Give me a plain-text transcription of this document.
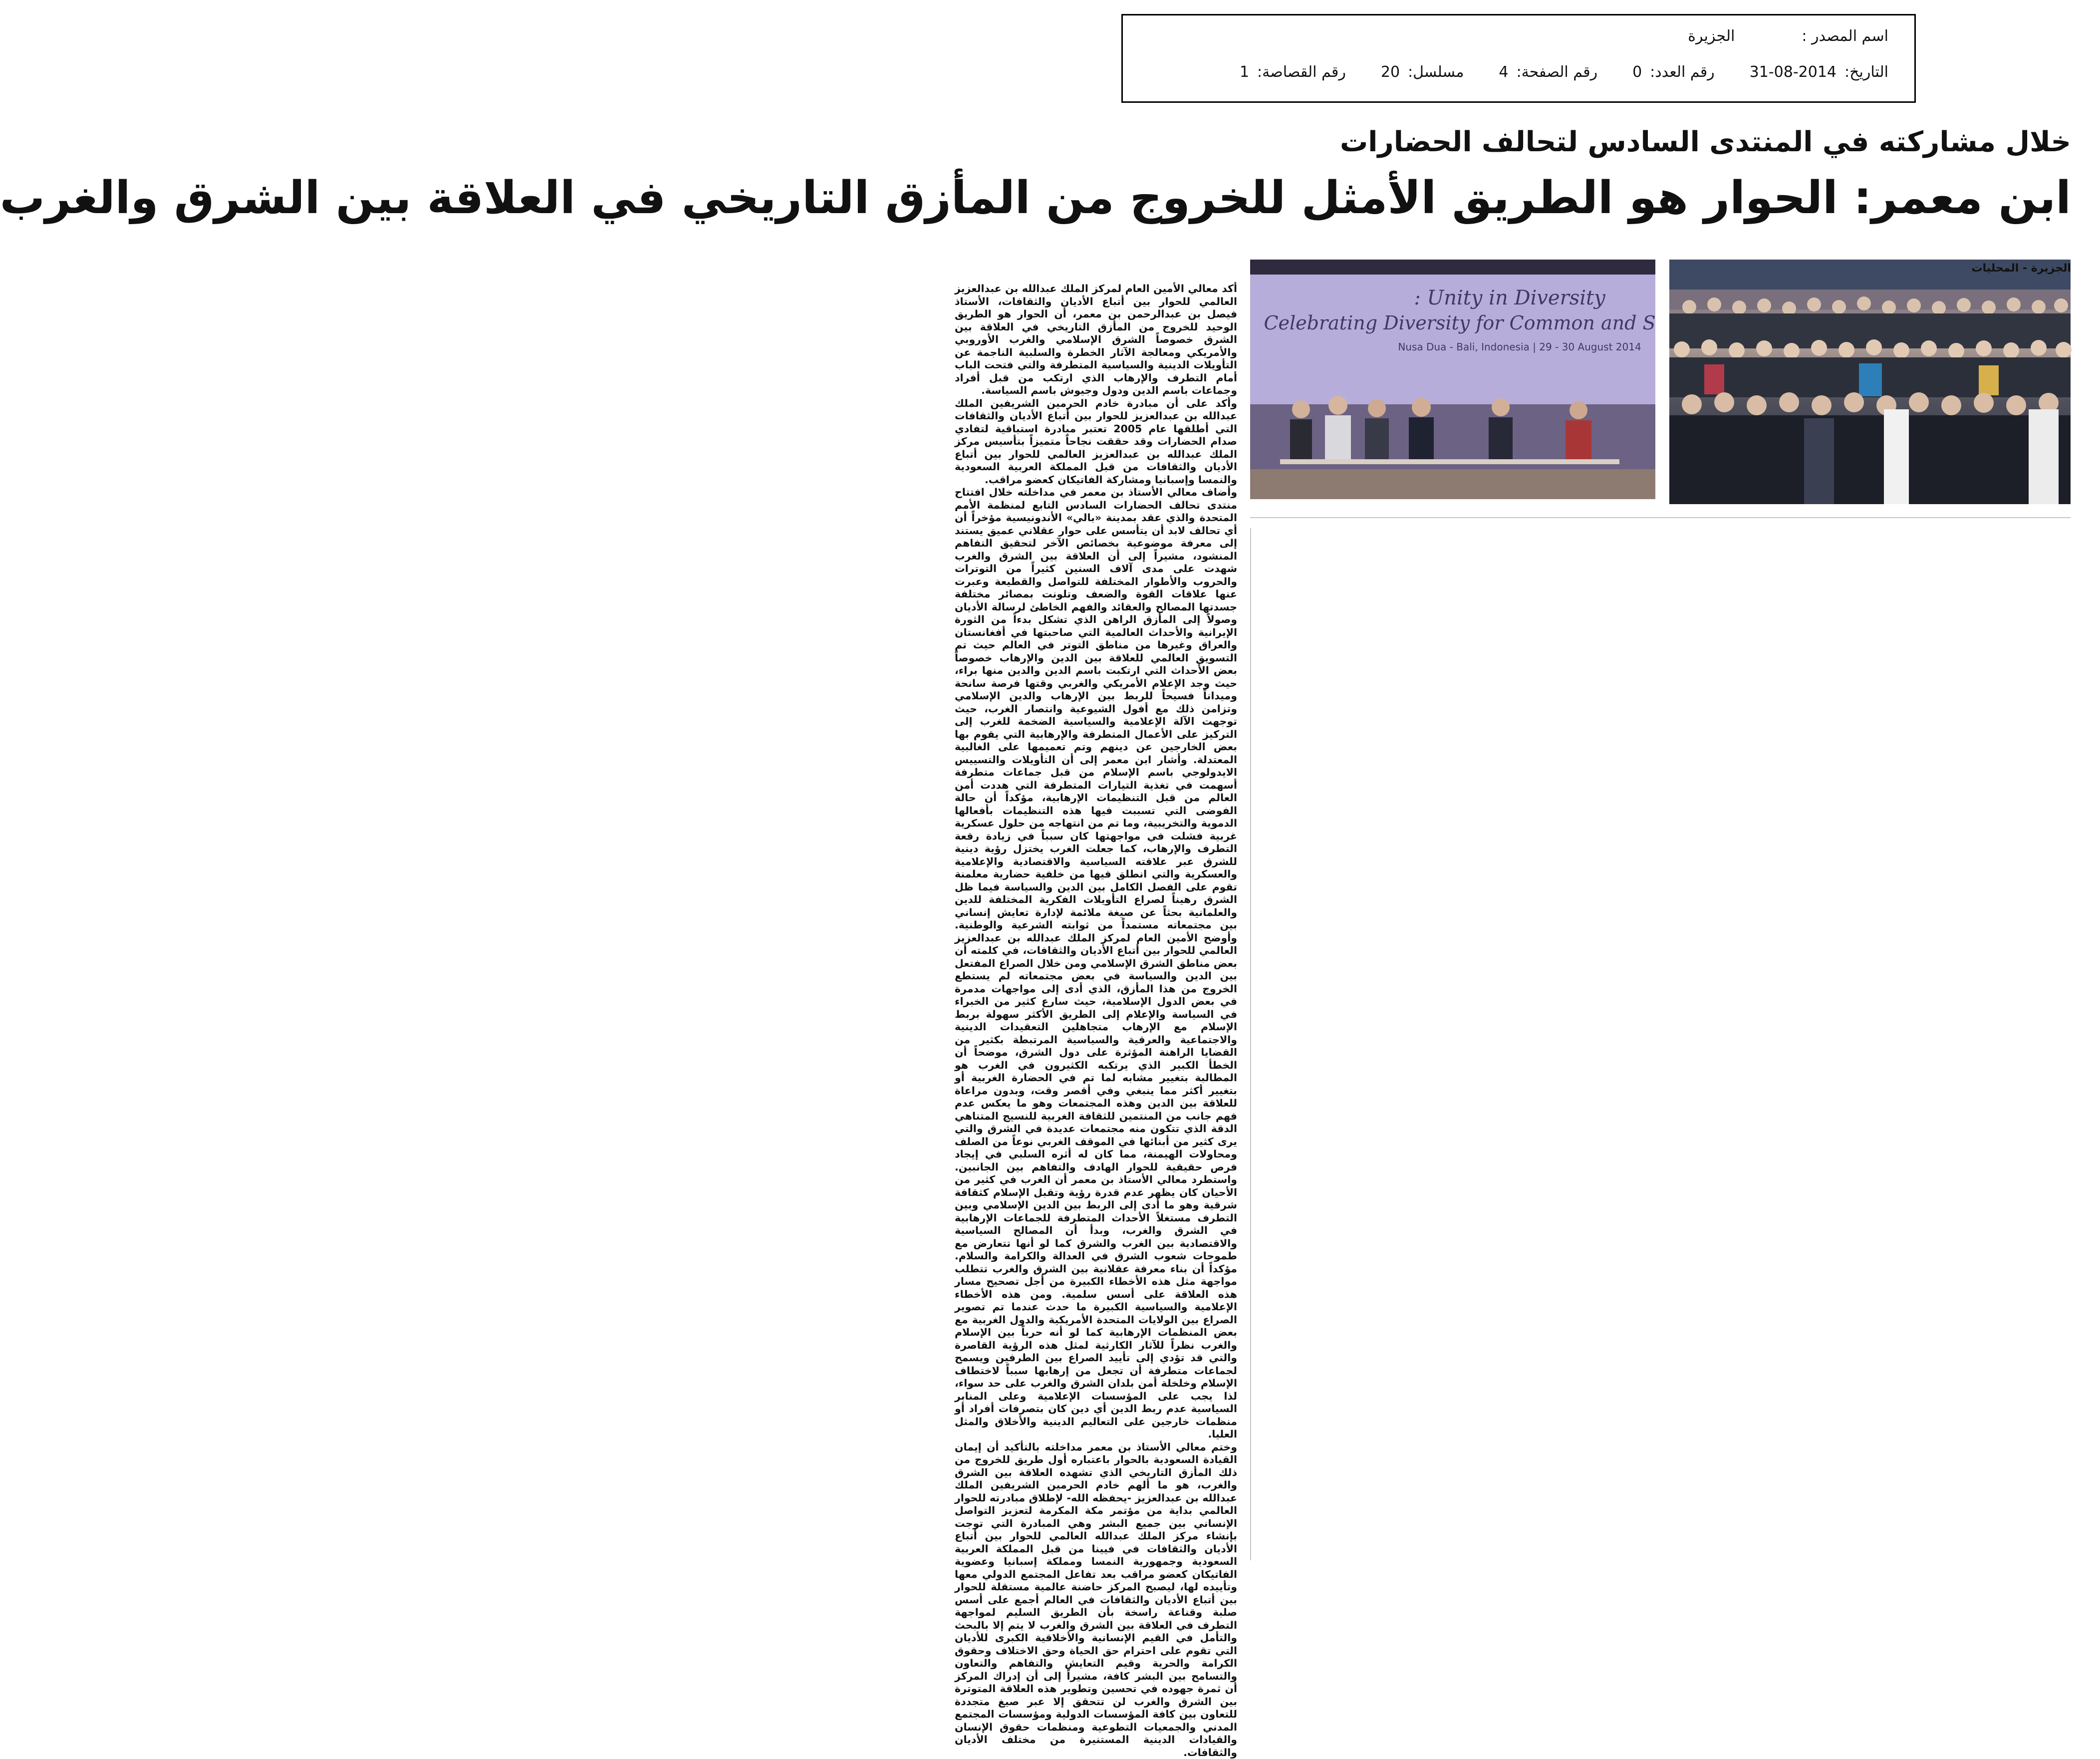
اسم المصدر :
الجزيرة
التاريخ:
31-08-2014
رقم العدد:
0
رقم الصفحة:
4
مسلسل:
20
رقم القصاصة:
1
خلال مشاركته في المنتدى السادس لتحالف الحضارات
ابن معمر: الحوار هو الطريق الأمثل للخروج من المأزق التاريخي في العلاقة بين الشرق والغرب
Unity in Diversity :
Celebrating Diversity for Common and S
Nusa Dua - Bali, Indonesia | 29 - 30 August 2014
الجزيرة - المحليات

أكد معالي الأمين العام لمركز الملك عبدالله بن عبدالعزيز العالمي للحوار بين أتباع الأديان والثقافات، الأستاذ فيصل بن عبدالرحمن بن معمر، أن الحوار هو الطريق الوحيد للخروج من المأزق التاريخي في العلاقة بين الشرق خصوصاً الشرق الإسلامي والغرب الأوروبي والأمريكي ومعالجة الآثار الخطرة والسلبية الناجمة عن التأويلات الدينية والسياسية المتطرفة والتي فتحت الباب أمام التطرف والإرهاب الذي ارتكب من قبل أفراد وجماعات باسم الدين ودول وجيوش باسم السياسة.

وأكد على أن مبادرة خادم الحرمين الشريفين الملك عبدالله بن عبدالعزيز للحوار بين أتباع الأديان والثقافات التي أطلقها عام 2005 تعتبر مبادرة استباقية لتفادي صدام الحضارات وقد حققت نجاحاً متميزاً بتأسيس مركز الملك عبدالله بن عبدالعزيز العالمي للحوار بين أتباع الأديان والثقافات من قبل المملكة العربية السعودية والنمسا وإسبانيا ومشاركة الفاتيكان كعضو مراقب.

وأضاف معالي الأستاذ بن معمر في مداخلته خلال افتتاح منتدى تحالف الحضارات السادس التابع لمنظمة الأمم المتحدة والذي عقد بمدينة «بالي» الأندونيسية مؤخراً أن أي تحالف لابد أن يتأسس على حوار عقلاني عميق يستند إلى معرفة موضوعية بخصائص الآخر لتحقيق التفاهم المنشود، مشيراً إلى أن العلاقة بين الشرق والغرب شهدت على مدى آلاف السنين كثيراً من التوترات والحروب والأطوار المختلفة للتواصل والقطيعة وعبرت عنها علاقات القوة والضعف وتلونت بمصائر مختلفة جسدتها المصالح والعقائد والفهم الخاطئ لرسالة الأديان وصولاً إلى المأزق الراهن الذي تشكل بدءاً من الثورة الإيرانية والأحداث العالمية التي صاحبتها في أفغانستان والعراق وغيرها من مناطق التوتر في العالم حيث تم التسويق العالمي للعلاقة بين الدين والإرهاب خصوصاً بعض الأحداث التي ارتكبت باسم الدين والدين منها براء، حيث وجد الإعلام الأمريكي والغربي وقتها فرصة سانحة وميداناً فسيحاً للربط بين الإرهاب والدين الإسلامي وتزامن ذلك مع أفول الشيوعية وانتصار الغرب، حيث توجهت الآلة الإعلامية والسياسية الضخمة للغرب إلى التركيز على الأعمال المتطرفة والإرهابية التي يقوم بها بعض الخارجين عن دينهم وتم تعميمها على الغالبية المعتدلة. وأشار ابن معمر إلى أن التأويلات والتسييس الايدولوجي باسم الإسلام من قبل جماعات متطرفة أسهمت في تغذية التيارات المتطرفة التي هددت أمن العالم من قبل التنظيمات الإرهابية، مؤكداً أن حالة الفوضى التي تسببت فيها هذه التنظيمات بأفعالها الدموية والتخريبية، وما تم من انتهاجه من حلول عسكرية غربية فشلت في مواجهتها كان سبباً في زيادة رقعة التطرف والإرهاب، كما جعلت الغرب يختزل رؤية دينية للشرق عبر علاقته السياسية والاقتصادية والإعلامية والعسكرية والتي انطلق فيها من خلفية حضارية معلمنة تقوم على الفصل الكامل بين الدين والسياسة فيما ظل الشرق رهيناً لصراع التأويلات الفكرية المختلفة للدين والعلمانية بحثاً عن صيغة ملائمة لإدارة تعايش إنساني بين مجتمعاته مستمداً من ثوابته الشرعية والوطنية. وأوضح الأمين العام لمركز الملك عبدالله بن عبدالعزيز العالمي للحوار بين أتباع الأديان والثقافات، في كلمته أن بعض مناطق الشرق الإسلامي ومن خلال الصراع المفتعل بين الدين والسياسة في بعض مجتمعاته لم يستطع الخروج من هذا المأزق، الذي أدى إلى مواجهات مدمرة في بعض الدول الإسلامية، حيث سارع كثير من الخبراء في السياسة والإعلام إلى الطريق الأكثر سهولة بربط الإسلام مع الإرهاب متجاهلين التعقيدات الدينية والاجتماعية والعرقية والسياسية المرتبطة بكثير من القضايا الراهنة المؤثرة على دول الشرق، موضحاً أن الخطأ الكبير الذي يرتكبه الكثيرون في الغرب هو المطالبة بتغيير مشابه لما تم في الحضارة الغربية أو بتغيير أكثر مما ينبغي وفي أقصر وقت، وبدون مراعاة للعلاقة بين الدين وهذه المجتمعات وهو ما يعكس عدم فهم جانب من المنتمين للثقافة الغربية للنسيج المتناهي الدقة الذي تتكون منه مجتمعات عديدة في الشرق والتي يرى كثير من أبنائها في الموقف الغربي نوعاً من الصلف ومحاولات الهيمنة، مما كان له أثره السلبي في إيجاد فرص حقيقية للحوار الهادف والتفاهم بين الجانبين. واستطرد معالي الأستاذ بن معمر أن الغرب في كثير من الأحيان كان يظهر عدم قدرة رؤية وتقبل الإسلام كثقافة شرقية وهو ما أدى إلى الربط بين الدين الإسلامي وبين التطرف مستغلاً الأحداث المتطرفة للجماعات الإرهابية في الشرق والغرب، وبدأ أن المصالح السياسية والاقتصادية بين الغرب والشرق كما لو أنها تتعارض مع طموحات شعوب الشرق في العدالة والكرامة والسلام. مؤكداً أن بناء معرفة عقلانية بين الشرق والغرب تتطلب مواجهة مثل هذه الأخطاء الكبيرة من أجل تصحيح مسار هذه العلاقة على أسس سلمية. ومن هذه الأخطاء الإعلامية والسياسية الكبيرة ما حدث عندما تم تصوير الصراع بين الولايات المتحدة الأمريكية والدول الغربية مع بعض المنظمات الإرهابية كما لو أنه حرباً بين الإسلام والغرب نظراً للآثار الكارثية لمثل هذه الرؤية القاصرة والتي قد تؤدي إلى تأييد الصراع بين الطرفين ويسمح لجماعات متطرفة أن تجعل من إرهابها سبباً لاختطاف الإسلام وخلخلة أمن بلدان الشرق والغرب على حد سواء، لذا يجب على المؤسسات الإعلامية وعلى المنابر السياسية عدم ربط الدين أي دين كان بتصرفات أفراد أو منظمات خارجين على التعاليم الدينية والأخلاق والمثل العليا.

وختم معالي الأستاذ بن معمر مداخلته بالتأكيد أن إيمان القيادة السعودية بالحوار باعتباره أول طريق للخروج من ذلك المأزق التاريخي الذي تشهده العلاقة بين الشرق والغرب، هو ما ألهم خادم الحرمين الشريفين الملك عبدالله بن عبدالعزيز -يحفظه الله- لإطلاق مبادرته للحوار العالمي بداية من مؤتمر مكة المكرمة لتعزيز التواصل الإنساني بين جميع البشر وهي المبادرة التي توجت بإنشاء مركز الملك عبدالله العالمي للحوار بين أتباع الأديان والثقافات في فيينا من قبل المملكة العربية السعودية وجمهورية النمسا ومملكة إسبانيا وعضوية الفاتيكان كعضو مراقب بعد تفاعل المجتمع الدولي معها وتأييده لها، ليصبح المركز حاضنة عالمية مستقلة للحوار بين أتباع الأديان والثقافات في العالم أجمع على أسس صلبة وقناعة راسخة بأن الطريق السليم لمواجهة التطرف في العلاقة بين الشرق والغرب لا يتم إلا بالبحث والتأمل في القيم الإنسانية والأخلاقية الكبرى للأديان التي تقوم على احترام حق الحياة وحق الاختلاف وحقوق الكرامة والحرية وقيم التعايش والتفاهم والتعاون والتسامح بين البشر كافة، مشيراً إلى أن إدراك المركز أن ثمرة جهوده في تحسين وتطوير هذه العلاقة المتوترة بين الشرق والغرب لن تتحقق إلا عبر صيغ متجددة للتعاون بين كافة المؤسسات الدولية ومؤسسات المجتمع المدني والجمعيات التطوعية ومنظمات حقوق الإنسان والقيادات الدينية المستنيرة من مختلف الأديان والثقافات.
